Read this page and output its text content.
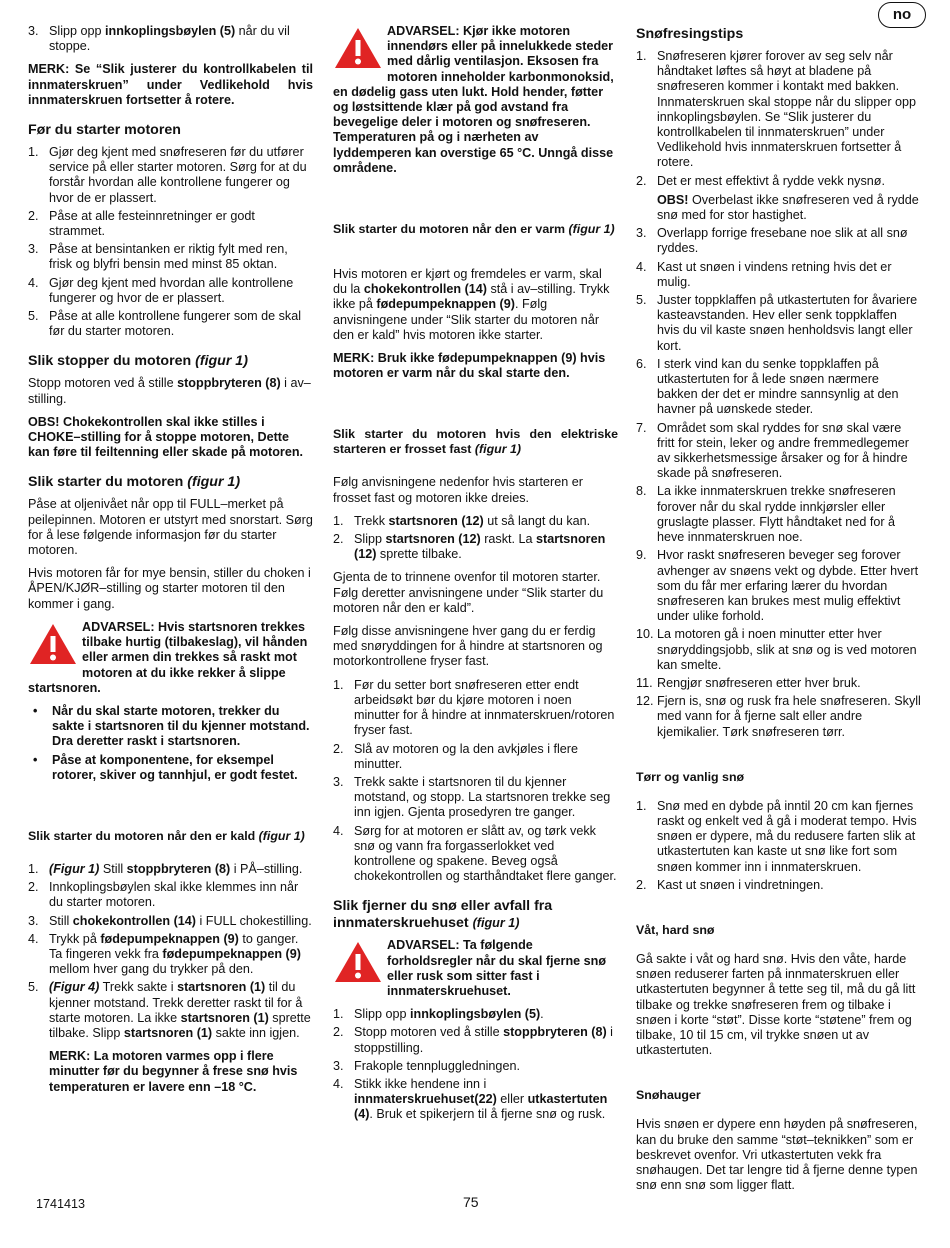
no
3. Slipp opp innkoplingsbøylen (5) når du vil stoppe.

MERK: Se “Slik justerer du kontrollkabelen til innmaterskruen” under Vedlikehold hvis innmaterskruen fortsetter å rotere.

Før du starter motoren
1. Gjør deg kjent med snøfreseren før du utfører service på eller starter motoren. Sørg for at du forstår hvordan alle kontrollene fungerer og hvor de er plassert.
2. Påse at alle festeinnretninger er godt strammet.
3. Påse at bensintanken er riktig fylt med ren, frisk og blyfri bensin med minst 85 oktan.
4. Gjør deg kjent med hvordan alle kontrollene fungerer og hvor de er plassert.
5. Påse at alle kontrollene fungerer som de skal før du starter motoren.
Slik stopper du motoren (figur 1)

Stopp motoren ved å stille stoppbryteren (8) i av–stilling.

OBS! Chokekontrollen skal ikke stilles i CHOKE–stilling for å stoppe motoren, Dette kan føre til feiltenning eller skade på motoren.

Slik starter du motoren (figur 1)

Påse at oljenivået når opp til FULL–merket på peilepinnen. Motoren er utstyrt med snorstart. Sørg for å lese følgende informasjon før du starter motoren.

Hvis motoren får for mye bensin, stiller du choken i ÅPEN/KJØR–stilling og starter motoren til den kommer i gang.

ADVARSEL: Hvis startsnoren trekkes tilbake hurtig (tilbakeslag), vil hånden eller armen din trekkes så raskt mot motoren at du ikke rekker å slippe startsnoren.
• Når du skal starte motoren, trekker du sakte i startsnoren til du kjenner motstand. Dra deretter raskt i startsnoren.
• Påse at komponentene, for eksempel rotorer, skiver og tannhjul, er godt festet.
Slik starter du motoren når den er kald (figur 1)
1. (Figur 1) Still stoppbryteren (8) i PÅ–stilling.
2. Innkoplingsbøylen skal ikke klemmes inn når du starter motoren.
3. Still chokekontrollen (14) i FULL chokestilling.
4. Trykk på fødepumpeknappen (9) to ganger. Ta fingeren vekk fra fødepumpeknappen (9) mellom hver gang du trykker på den.
5. (Figur 4) Trekk sakte i startsnoren (1) til du kjenner motstand. Trekk deretter raskt til for å starte motoren. La ikke startsnoren (1) sprette tilbake. Slipp startsnoren (1) sakte inn igjen.

MERK: La motoren varmes opp i flere minutter før du begynner å frese snø hvis temperaturen er lavere enn –18 °C.

ADVARSEL: Kjør ikke motoren innendørs eller på innelukkede steder med dårlig ventilasjon. Eksosen fra motoren inneholder karbonmonoksid, en dødelig gass uten lukt. Hold hender, føtter og løstsittende klær på god avstand fra bevegelige deler i motoren og snøfreseren. Temperaturen på og i nærheten av lyddemperen kan overstige 65 °C. Unngå disse områdene.
Slik starter du motoren når den er varm (figur 1)

Hvis motoren er kjørt og fremdeles er varm, skal du la chokekontrollen (14) stå i av–stilling. Trykk ikke på fødepumpeknappen (9). Følg anvisningene under “Slik starter du motoren når den er kald” hvis motoren ikke starter.

MERK: Bruk ikke fødepumpeknappen (9) hvis motoren er varm når du skal starte den.

Slik starter du motoren hvis den elektriske starteren er frosset fast (figur 1)

Følg anvisningene nedenfor hvis starteren er frosset fast og motoren ikke dreies.

1. Trekk startsnoren (12) ut så langt du kan.
2. Slipp startsnoren (12) raskt. La startsnoren (12) sprette tilbake.

Gjenta de to trinnene ovenfor til motoren starter. Følg deretter anvisningene under “Slik starter du motoren når den er kald”.

Følg disse anvisningene hver gang du er ferdig med snøryddingen for å hindre at startsnoren og motorkontrollene fryser fast.

1. Før du setter bort snøfreseren etter endt arbeidsøkt bør du kjøre motoren i noen minutter for å hindre at innmaterskruen/rotoren fryser fast.
2. Slå av motoren og la den avkjøles i flere minutter.
3. Trekk sakte i startsnoren til du kjenner motstand, og stopp. La startsnoren trekke seg inn igjen. Gjenta prosedyren tre ganger.
4. Sørg for at motoren er slått av, og tørk vekk snø og vann fra forgasserlokket ved kontrollene og spakene. Beveg også chokekontrollen og starthåndtaket flere ganger.
Slik fjerner du snø eller avfall fra innmaterskruehuset (figur 1)
ADVARSEL: Ta følgende forholdsregler når du skal fjerne snø eller rusk som sitter fast i innmaterskruehuset.
1. Slipp opp innkoplingsbøylen (5).
2. Stopp motoren ved å stille stoppbryteren (8) i stoppstilling.
3. Frakople tennpluggledningen.
4. Stikk ikke hendene inn i innmaterskruehuset(22) eller utkastertuten (4). Bruk et spikerjern til å fjerne snø og rusk.
Snøfresingstips
1. Snøfreseren kjører forover av seg selv når håndtaket løftes så høyt at bladene på snøfreseren kommer i kontakt med bakken. Innmaterskruen skal stoppe når du slipper opp innkoplingsbøylen. Se “Slik justerer du kontrollkabelen til innmaterskruen” under Vedlikehold hvis innmaterskruen fortsetter å rotere.
2. Det er mest effektivt å rydde vekk nysnø.
OBS! Overbelast ikke snøfreseren ved å rydde snø med for stor hastighet.
3. Overlapp forrige fresebane noe slik at all snø ryddes.
4. Kast ut snøen i vindens retning hvis det er mulig.
5. Juster toppklaffen på utkastertuten for åvariere kasteavstanden. Hev eller senk toppklaffen hvis du vil kaste snøen henholdsvis langt eller kort.
6. I sterk vind kan du senke toppklaffen på utkastertuten for å lede snøen nærmere bakken der det er mindre sannsynlig at den havner på uønskede steder.
7. Området som skal ryddes for snø skal være fritt for stein, leker og andre fremmedlegemer av sikkerhetsmessige årsaker og for å hindre skade på snøfreseren.
8. La ikke innmaterskruen trekke snøfreseren forover når du skal rydde innkjørsler eller gruslagte plasser. Flytt håndtaket ned for å heve innmaterskruen noe.
9. Hvor raskt snøfreseren beveger seg forover avhenger av snøens vekt og dybde. Etter hvert som du får mer erfaring lærer du hvordan snøfreseren kan brukes mest mulig effektivt under ulike forhold.
10. La motoren gå i noen minutter etter hver snøryddingsjobb, slik at snø og is ved motoren kan smelte.
11. Rengjør snøfreseren etter hver bruk.
12. Fjern is, snø og rusk fra hele snøfreseren. Skyll med vann for å fjerne salt eller andre kjemikalier. Tørk snøfreseren tørr.
Tørr og vanlig snø
1. Snø med en dybde på inntil 20 cm kan fjernes raskt og enkelt ved å gå i moderat tempo. Hvis snøen er dypere, må du redusere farten slik at utkastertuten kan kaste ut snø like fort som snøen kommer inn i innmaterskruen.
2. Kast ut snøen i vindretningen.
Våt, hard snø

Gå sakte i våt og hard snø. Hvis den våte, harde snøen reduserer farten på innmaterskruen eller utkastertuten begynner å tette seg til, må du gå litt tilbake og trekke snøfreseren frem og tilbake i snøen i korte “støt”. Disse korte “støtene” frem og tilbake, 10 til 15 cm, vil trykke snøen ut av utkastertuten.

Snøhauger

Hvis snøen er dypere enn høyden på snøfreseren, kan du bruke den samme “støt–teknikken” som er beskrevet ovenfor. Vri utkastertuten vekk fra snøhaugen. Det tar lengre tid å fjerne denne typen snø enn snø som ligger flatt.

1741413	75
